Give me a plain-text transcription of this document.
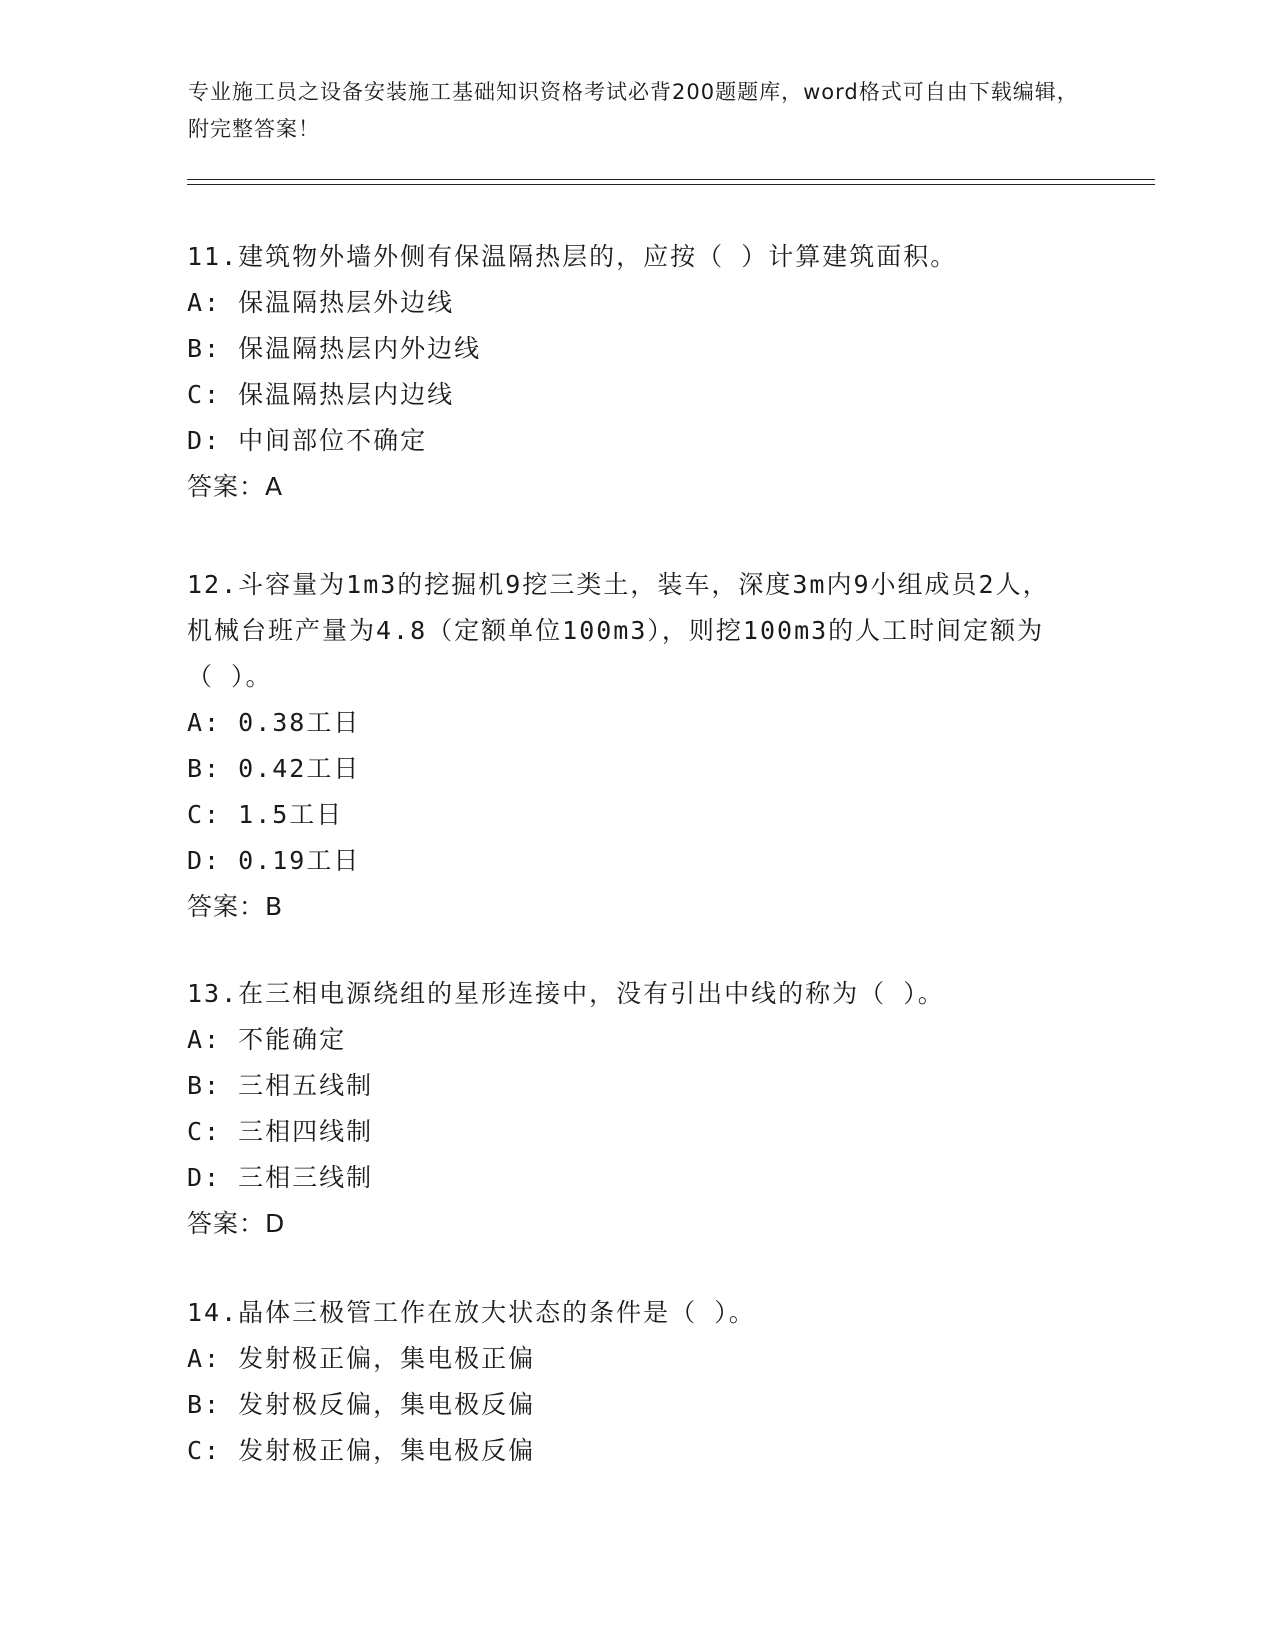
专业施工员之设备安装施工基础知识资格考试必背200题题库，word格式可自由下载编辑，附完整答案！
11.建筑物外墙外侧有保温隔热层的，应按（ ）计算建筑面积。
A: 保温隔热层外边线
B: 保温隔热层内外边线
C: 保温隔热层内边线
D: 中间部位不确定
答案：A
12.斗容量为1m3的挖掘机9挖三类土，装车，深度3m内9小组成员2人，机械台班产量为4.8（定额单位100m3），则挖100m3的人工时间定额为（ ）。
A: 0.38工日
B: 0.42工日
C: 1.5工日
D: 0.19工日
答案：B
13.在三相电源绕组的星形连接中，没有引出中线的称为（ ）。
A: 不能确定
B: 三相五线制
C: 三相四线制
D: 三相三线制
答案：D
14.晶体三极管工作在放大状态的条件是（ ）。
A: 发射极正偏，集电极正偏
B: 发射极反偏，集电极反偏
C: 发射极正偏，集电极反偏
